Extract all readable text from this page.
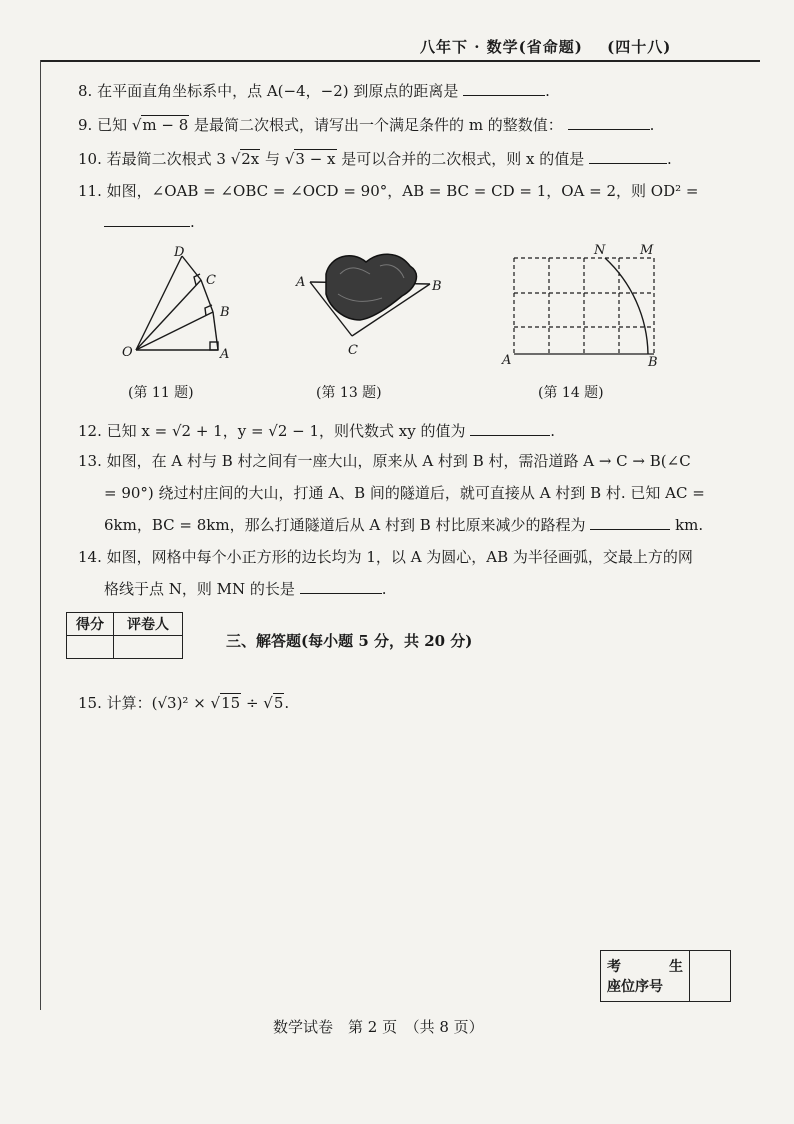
八年下 · 数学(省命题) (四十八)
8. 在平面直角坐标系中，点 A(−4，−2) 到原点的距离是	.
9. 已知 √m − 8 是最简二次根式，请写出一个满足条件的 m 的整数值：	.
10. 若最简二次根式 3 √2x 与 √3 − x 是可以合并的二次根式，则 x 的值是	.
11. 如图，∠OAB = ∠OBC = ∠OCD = 90°，AB = BC = CD = 1，OA = 2，则 OD² =
.
O	A
B
C
D
(第 11 题)
A	B
C
(第 13 题)
A	B
N	M
(第 14 题)
12. 已知 x = √2 + 1，y = √2 − 1，则代数式 xy 的值为	.
13. 如图，在 A 村与 B 村之间有一座大山，原来从 A 村到 B 村，需沿道路 A → C → B(∠C
= 90°) 绕过村庄间的大山，打通 A、B 间的隧道后，就可直接从 A 村到 B 村. 已知 AC =
6km，BC = 8km，那么打通隧道后从 A 村到 B 村比原来减少的路程为	km.
14. 如图，网格中每个小正方形的边长均为 1，以 A 为圆心，AB 为半径画弧，交最上方的网
格线于点 N，则 MN 的长是	.
得分	评卷人

三、解答题(每小题 5 分，共 20 分)
15. 计算：(√3)² × √15 ÷ √5.
考	生
座位序号

数学试卷　第 2 页　（共 8 页）
